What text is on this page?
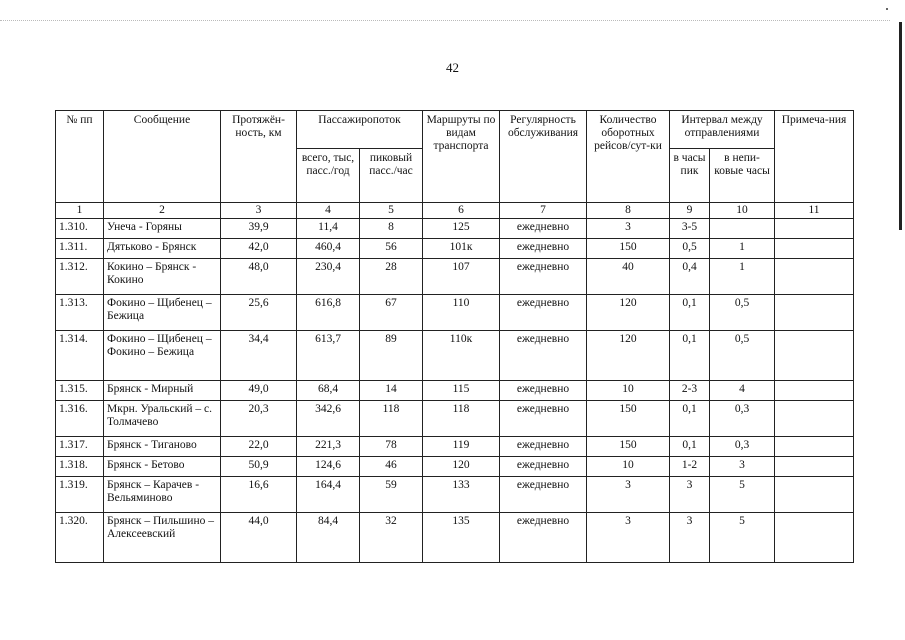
42
№ пп	Сообщение	Протяжён-ность, км	Пассажиропоток		Маршруты по видам транспорта	Регулярность обслуживания	Количество оборотных рейсов/сут-ки	Интервал между отправлениями		Примеча-ния
			всего, тыс, пасс./год	пиковый пасс./час				в часы пик	в непи-ковые часы	
1	2	3	4	5	6	7	8	9	10	11
1.310.	Унеча - Горяны	39,9	11,4	8	125	ежедневно	3	3-5		
1.311.	Дятьково - Брянск	42,0	460,4	56	101к	ежедневно	150	0,5	1	
1.312.	Кокино – Брянск - Кокино	48,0	230,4	28	107	ежедневно	40	0,4	1	
1.313.	Фокино – Щибенец – Бежица	25,6	616,8	67	110	ежедневно	120	0,1	0,5	
1.314.	Фокино – Щибенец – Фокино – Бежица	34,4	613,7	89	110к	ежедневно	120	0,1	0,5	
1.315.	Брянск - Мирный	49,0	68,4	14	115	ежедневно	10	2-3	4	
1.316.	Мкрн. Уральский – с. Толмачево	20,3	342,6	118	118	ежедневно	150	0,1	0,3	
1.317.	Брянск - Тиганово	22,0	221,3	78	119	ежедневно	150	0,1	0,3	
1.318.	Брянск - Бетово	50,9	124,6	46	120	ежедневно	10	1-2	3	
1.319.	Брянск – Карачев - Вельяминово	16,6	164,4	59	133	ежедневно	3	3	5	
1.320.	Брянск – Пильшино – Алексеевский	44,0	84,4	32	135	ежедневно	3	3	5	
